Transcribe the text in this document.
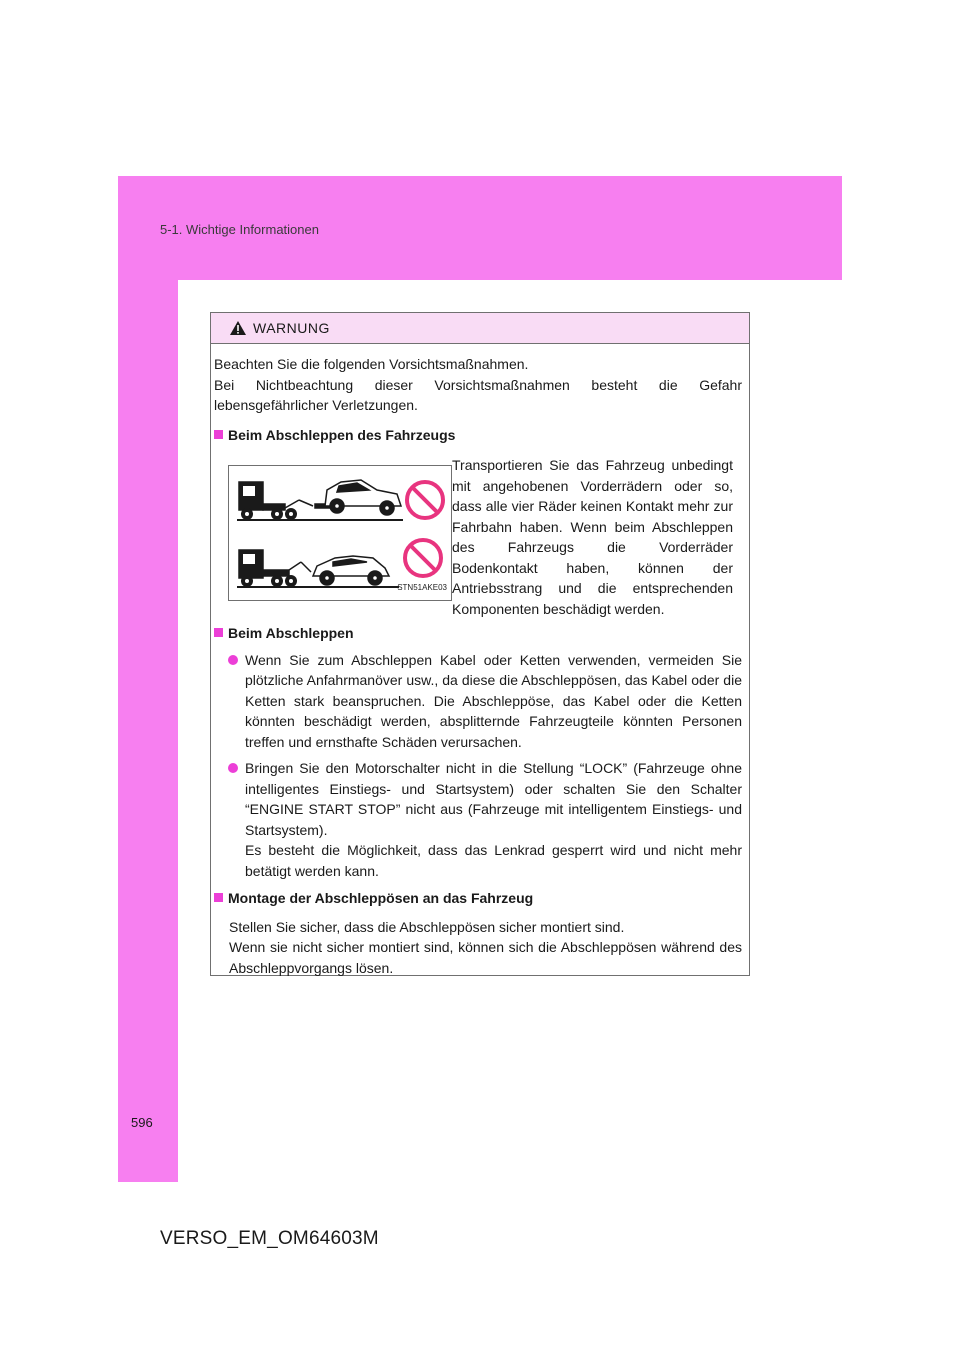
5-1. Wichtige Informationen
WARNUNG

Beachten Sie die folgenden Vorsichtsmaßnahmen.

Bei Nichtbeachtung dieser Vorsichtsmaßnahmen besteht die Gefahr lebensgefährlicher Verletzungen.

Beim Abschleppen des Fahrzeugs
STN51AKE03

Transportieren Sie das Fahrzeug unbedingt mit angehobenen Vorderrädern oder so, dass alle vier Räder keinen Kontakt mehr zur Fahrbahn haben. Wenn beim Abschleppen des Fahrzeugs die Vorderräder Bodenkontakt haben, können der Antriebsstrang und die entsprechenden Komponenten beschädigt werden.

Beim Abschleppen

Wenn Sie zum Abschleppen Kabel oder Ketten verwenden, vermeiden Sie plötzliche Anfahrmanöver usw., da diese die Abschleppösen, das Kabel oder die Ketten stark beanspruchen. Die Abschleppöse, das Kabel oder die Ketten könnten beschädigt werden, absplitternde Fahrzeugteile könnten Personen treffen und ernsthafte Schäden verursachen.

Bringen Sie den Motorschalter nicht in die Stellung “LOCK” (Fahrzeuge ohne intelligentes Einstiegs- und Startsystem) oder schalten Sie den Schalter “ENGINE START STOP” nicht aus (Fahrzeuge mit intelligentem Einstiegs- und Startsystem).

Es besteht die Möglichkeit, dass das Lenkrad gesperrt wird und nicht mehr betätigt werden kann.

Montage der Abschleppösen an das Fahrzeug

Stellen Sie sicher, dass die Abschleppösen sicher montiert sind.

Wenn sie nicht sicher montiert sind, können sich die Abschleppösen während des Abschleppvorgangs lösen.

596
VERSO_EM_OM64603M
